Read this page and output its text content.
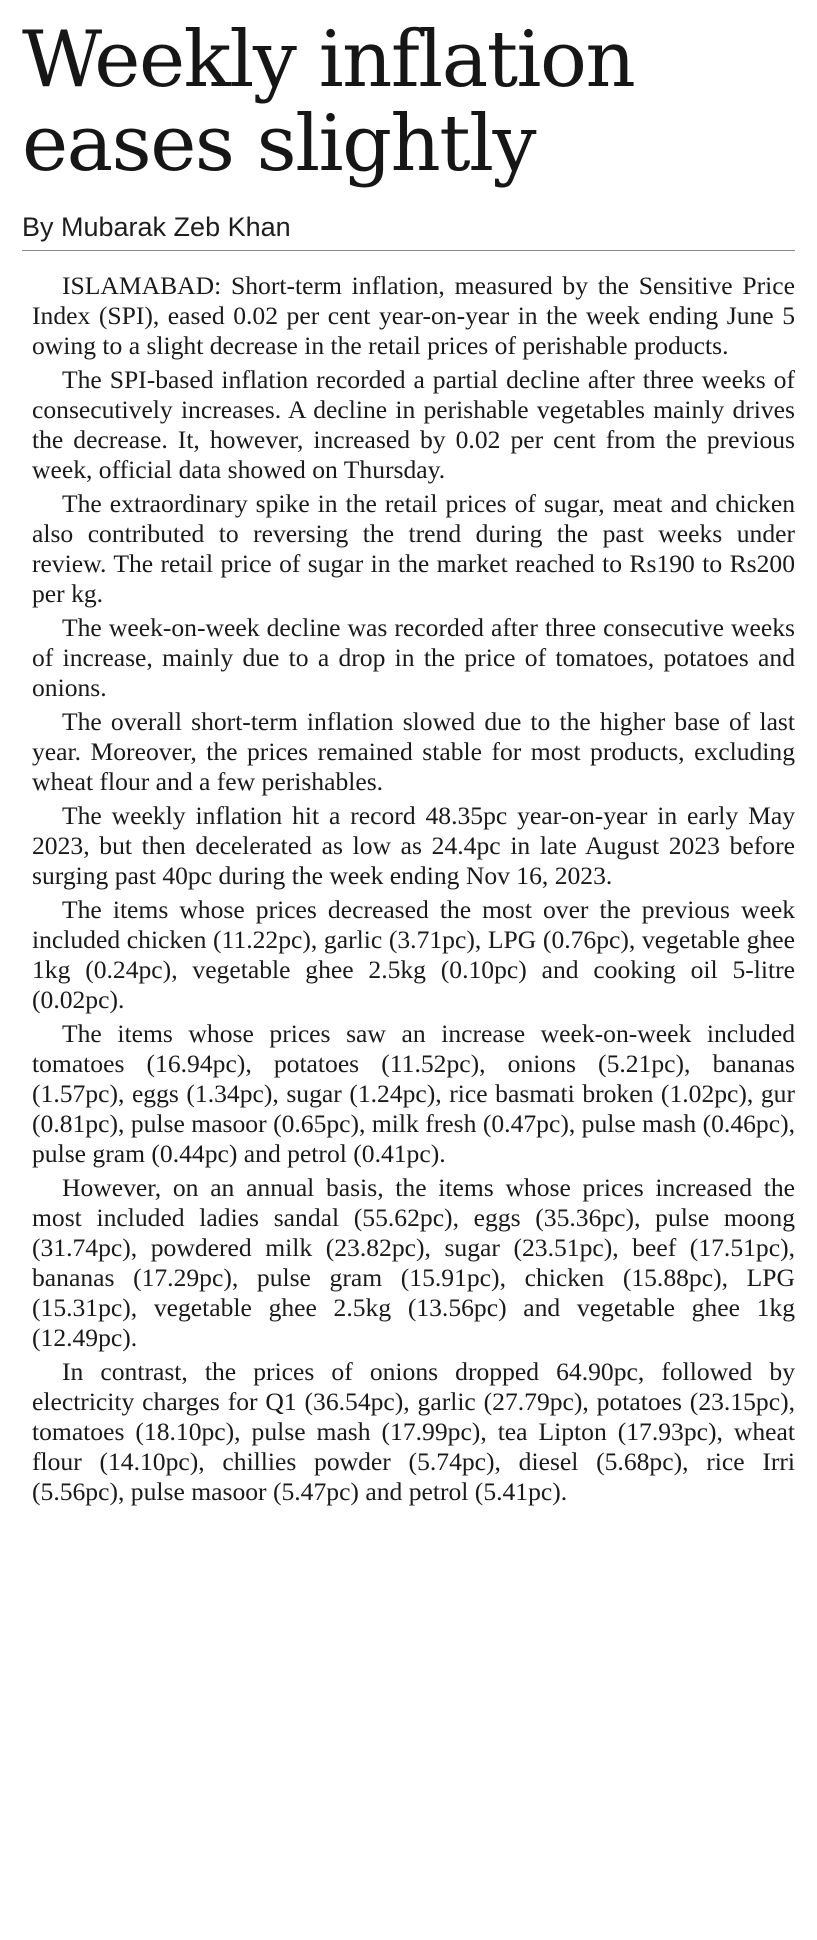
Weekly inflation
eases slightly
By Mubarak Zeb Khan

ISLAMABAD: Short-term inflation, measured by the Sensitive Price Index (SPI), eased 0.02 per cent year-on-year in the week ending June 5 owing to a slight decrease in the retail prices of perishable products.

The SPI-based inflation recorded a partial decline after three weeks of consecutively increases. A decline in perishable vegetables mainly drives the decrease. It, however, increased by 0.02 per cent from the previous week, official data showed on Thursday.

The extraordinary spike in the retail prices of sugar, meat and chicken also contributed to reversing the trend during the past weeks under review. The retail price of sugar in the market reached to Rs190 to Rs200 per kg.

The week-on-week decline was recorded after three consecutive weeks of increase, mainly due to a drop in the price of tomatoes, potatoes and onions.

The overall short-term inflation slowed due to the higher base of last year. Moreover, the prices remained stable for most products, excluding wheat flour and a few perishables.

The weekly inflation hit a record 48.35pc year-on-year in early May 2023, but then decelerated as low as 24.4pc in late August 2023 before surging past 40pc during the week ending Nov 16, 2023.

The items whose prices decreased the most over the previous week included chicken (11.22pc), garlic (3.71pc), LPG (0.76pc), vegetable ghee 1kg (0.24pc), vegetable ghee 2.5kg (0.10pc) and cooking oil 5-litre (0.02pc).

The items whose prices saw an increase week-on-week included tomatoes (16.94pc), potatoes (11.52pc), onions (5.21pc), bananas (1.57pc), eggs (1.34pc), sugar (1.24pc), rice basmati broken (1.02pc), gur (0.81pc), pulse masoor (0.65pc), milk fresh (0.47pc), pulse mash (0.46pc), pulse gram (0.44pc) and petrol (0.41pc).

However, on an annual basis, the items whose prices increased the most included ladies sandal (55.62pc), eggs (35.36pc), pulse moong (31.74pc), powdered milk (23.82pc), sugar (23.51pc), beef (17.51pc), bananas (17.29pc), pulse gram (15.91pc), chicken (15.88pc), LPG (15.31pc), vegetable ghee 2.5kg (13.56pc) and vegetable ghee 1kg (12.49pc).

In contrast, the prices of onions dropped 64.90pc, followed by electricity charges for Q1 (36.54pc), garlic (27.79pc), potatoes (23.15pc), tomatoes (18.10pc), pulse mash (17.99pc), tea Lipton (17.93pc), wheat flour (14.10pc), chillies powder (5.74pc), diesel (5.68pc), rice Irri (5.56pc), pulse masoor (5.47pc) and petrol (5.41pc).
